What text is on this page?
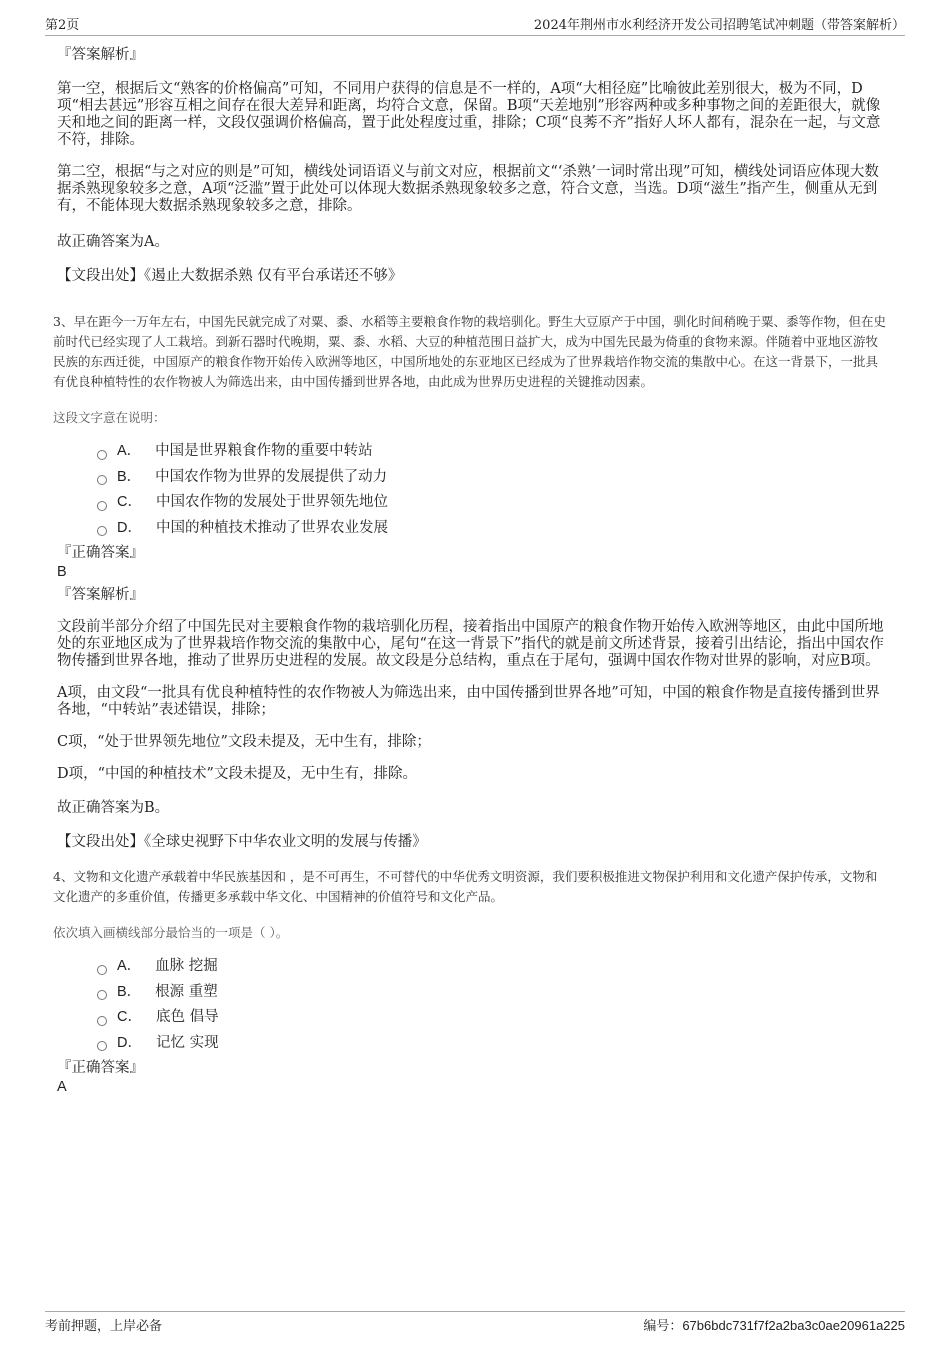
第2页	2024年荆州市水利经济开发公司招聘笔试冲刺题（带答案解析）

『答案解析』

第一空，根据后文“熟客的价格偏高”可知，不同用户获得的信息是不一样的，A项“大相径庭”比喻彼此差别很大，极为不同，D项“相去甚远”形容互相之间存在很大差异和距离，均符合文意，保留。B项“天差地别”形容两种或多种事物之间的差距很大，就像天和地之间的距离一样，文段仅强调价格偏高，置于此处程度过重，排除；C项“良莠不齐”指好人坏人都有，混杂在一起，与文意不符，排除。

第二空，根据“与之对应的则是”可知，横线处词语语义与前文对应，根据前文“‘杀熟’一词时常出现”可知，横线处词语应体现大数据杀熟现象较多之意，A项“泛滥”置于此处可以体现大数据杀熟现象较多之意，符合文意，当选。D项“滋生”指产生，侧重从无到有，不能体现大数据杀熟现象较多之意，排除。

故正确答案为A。

【文段出处】《遏止大数据杀熟 仅有平台承诺还不够》

3、早在距今一万年左右，中国先民就完成了对粟、黍、水稻等主要粮食作物的栽培驯化。野生大豆原产于中国，驯化时间稍晚于粟、黍等作物，但在史前时代已经实现了人工栽培。到新石器时代晚期，粟、黍、水稻、大豆的种植范围日益扩大，成为中国先民最为倚重的食物来源。伴随着中亚地区游牧民族的东西迁徙，中国原产的粮食作物开始传入欧洲等地区，中国所地处的东亚地区已经成为了世界栽培作物交流的集散中心。在这一背景下，一批具有优良种植特性的农作物被人为筛选出来，由中国传播到世界各地，由此成为世界历史进程的关键推动因素。

这段文字意在说明：

A． 中国是世界粮食作物的重要中转站
B． 中国农作物为世界的发展提供了动力
C． 中国农作物的发展处于世界领先地位
D． 中国的种植技术推动了世界农业发展

『正确答案』

B

『答案解析』

文段前半部分介绍了中国先民对主要粮食作物的栽培驯化历程，接着指出中国原产的粮食作物开始传入欧洲等地区，由此中国所地处的东亚地区成为了世界栽培作物交流的集散中心，尾句“在这一背景下”指代的就是前文所述背景，接着引出结论，指出中国农作物传播到世界各地，推动了世界历史进程的发展。故文段是分总结构，重点在于尾句，强调中国农作物对世界的影响，对应B项。

A项，由文段“一批具有优良种植特性的农作物被人为筛选出来，由中国传播到世界各地”可知，中国的粮食作物是直接传播到世界各地，“中转站”表述错误，排除；

C项，“处于世界领先地位”文段未提及，无中生有，排除；

D项，“中国的种植技术”文段未提及，无中生有，排除。

故正确答案为B。

【文段出处】《全球史视野下中华农业文明的发展与传播》

4、文物和文化遗产承载着中华民族基因和 ，是不可再生，不可替代的中华优秀文明资源，我们要积极推进文物保护利用和文化遗产保护传承，文物和文化遗产的多重价值，传播更多承载中华文化、中国精神的价值符号和文化产品。

依次填入画横线部分最恰当的一项是（ ）。

A． 血脉 挖掘
B． 根源 重塑
C． 底色 倡导
D． 记忆 实现

『正确答案』

A

考前押题，上岸必备	编号：67b6bdc731f7f2a2ba3c0ae20961a225
